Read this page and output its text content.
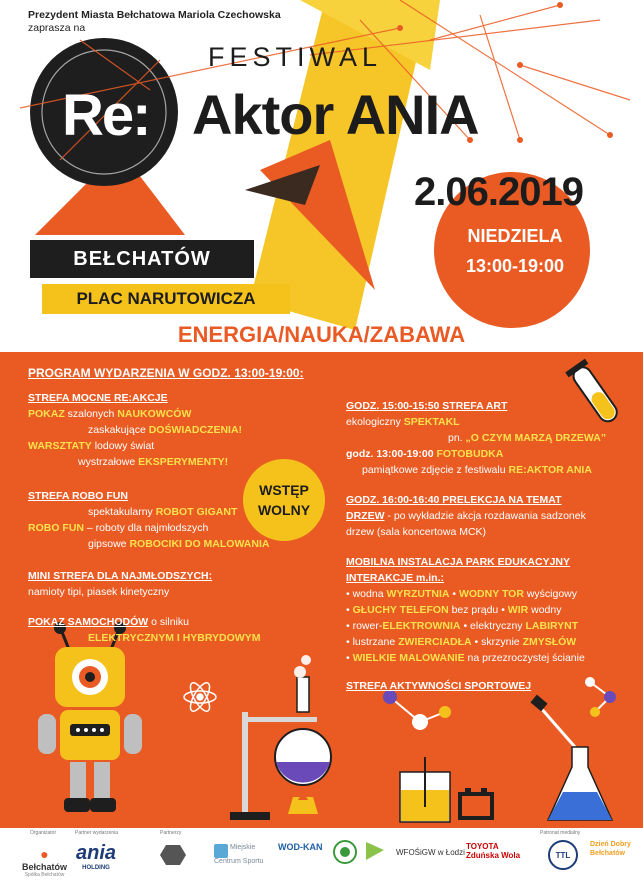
Prezydent Miasta Bełchatowa Mariola Czechowska
zaprasza na
FESTIWAL
Re: Aktor ANIA
2.06.2019
NIEDZIELA
13:00-19:00
BEŁCHATÓW
PLAC NARUTOWICZA
ENERGIA/NAUKA/ZABAWA
PROGRAM WYDARZENIA W GODZ. 13:00-19:00:
STREFA MOCNE RE:AKCJE
POKAZ szalonych NAUKOWCÓW
zaskakujące DOŚWIADCZENIA!
WARSZTATY lodowy świat
wystrzałowe EKSPERYMENTY!
STREFA ROBO FUN
spektakularny ROBOT GIGANT
ROBO FUN – roboty dla najmłodszych
gipsowe ROBOCIKI DO MALOWANIA
MINI STREFA DLA NAJMŁODSZYCH:
namioty tipi, piasek kinetyczny
POKAZ SAMOCHODÓW o silniku
ELEKTRYCZNYM I HYBRYDOWYM
WSTĘP
WOLNY
GODZ. 15:00-15:50 STREFA ART
ekologiczny SPEKTAKL
pn. „O CZYM MARZĄ DRZEWA”
godz. 13:00-19:00 FOTOBUDKA
pamiątkowe zdjęcie z festiwalu RE:AKTOR ANIA
GODZ. 16:00-16:40 PRELEKCJA NA TEMAT
DRZEW - po wykładzie akcja rozdawania sadzonek
drzew (sala koncertowa MCK)
MOBILNA INSTALACJA PARK EDUKACYJNY
INTERAKCJE m.in.:
• wodna WYRZUTNIA • WODNY TOR wyścigowy
• GŁUCHY TELEFON bez prądu • WIR wodny
• rower-ELEKTROWNIA • elektryczny LABIRYNT
• lustrzane ZWIERCIADŁA • skrzynie ZMYSŁÓW
• WIELKIE MALOWANIE na przezroczystej ścianie
STREFA AKTYWNOŚCI SPORTOWEJ
Organizator	Partner wydarzenia	Partnerzy	Patronat medialny
●
Bełchatów
Spółka Bełchatów
ania
HOLDING
Miejskie Centrum Sportu
WOD-KAN
WFOŚiGW w Łodzi
TOYOTA Zduńska Wola	TTL
Dzień Dobry Bełchatów
